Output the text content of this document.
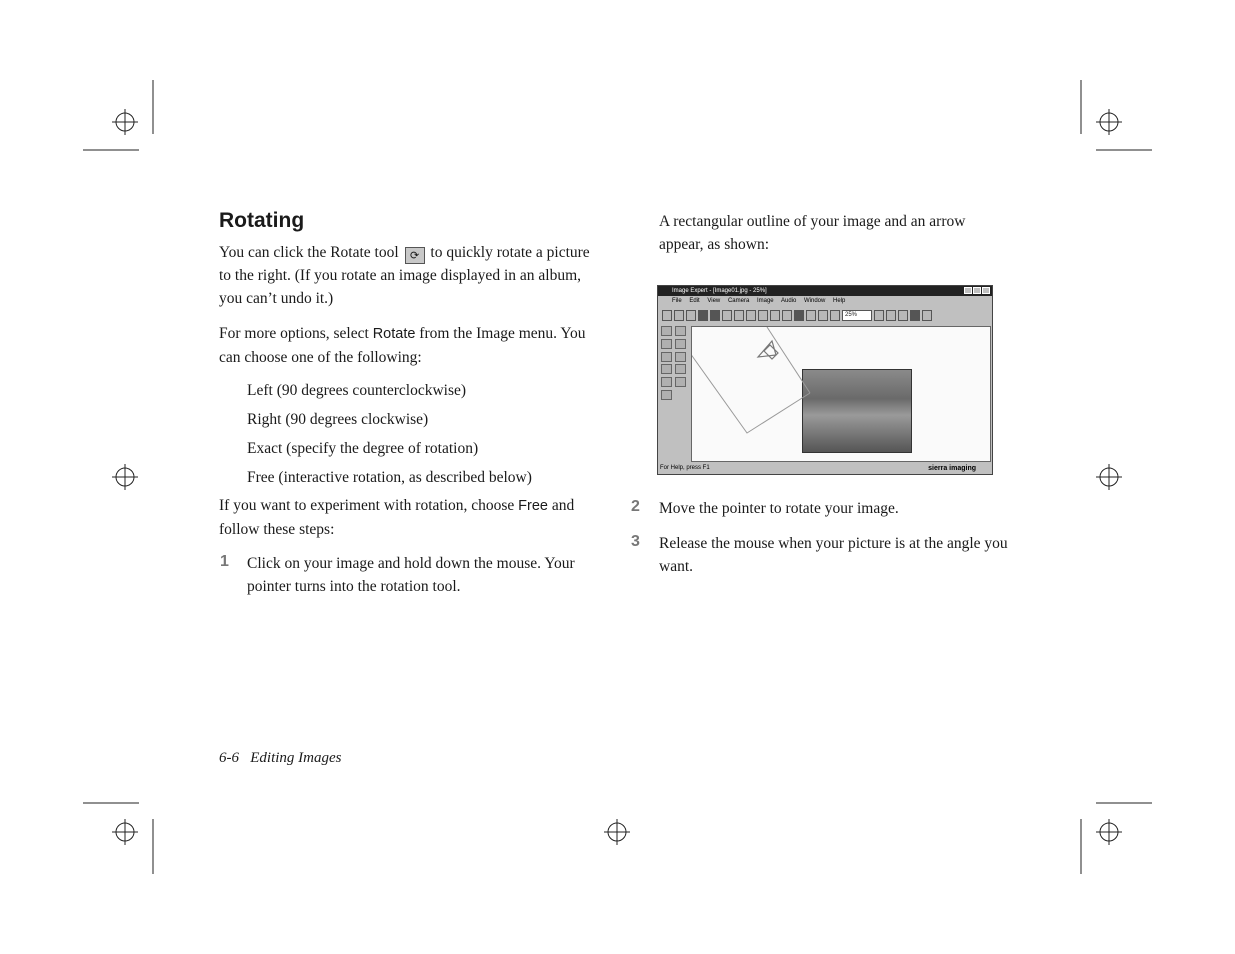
Rotating

You can click the Rotate tool ⟳ to quickly rotate a picture to the right. (If you rotate an image displayed in an album, you can’t undo it.)

For more options, select Rotate from the Image menu. You can choose one of the following:

Left (90 degrees counterclockwise)
Right (90 degrees clockwise)
Exact (specify the degree of rotation)
Free (interactive rotation, as described below)

If you want to experiment with rotation, choose Free and follow these steps:

1 Click on your image and hold down the mouse. Your pointer turns into the rotation tool.

A rectangular outline of your image and an arrow appear, as shown:

Image Expert - [Image01.jpg - 25%]
File Edit View Camera Image Audio Window Help
25%
For Help, press F1	sierra imaging
2 Move the pointer to rotate your image.

3 Release the mouse when your picture is at the angle you want.

6-6 Editing Images
